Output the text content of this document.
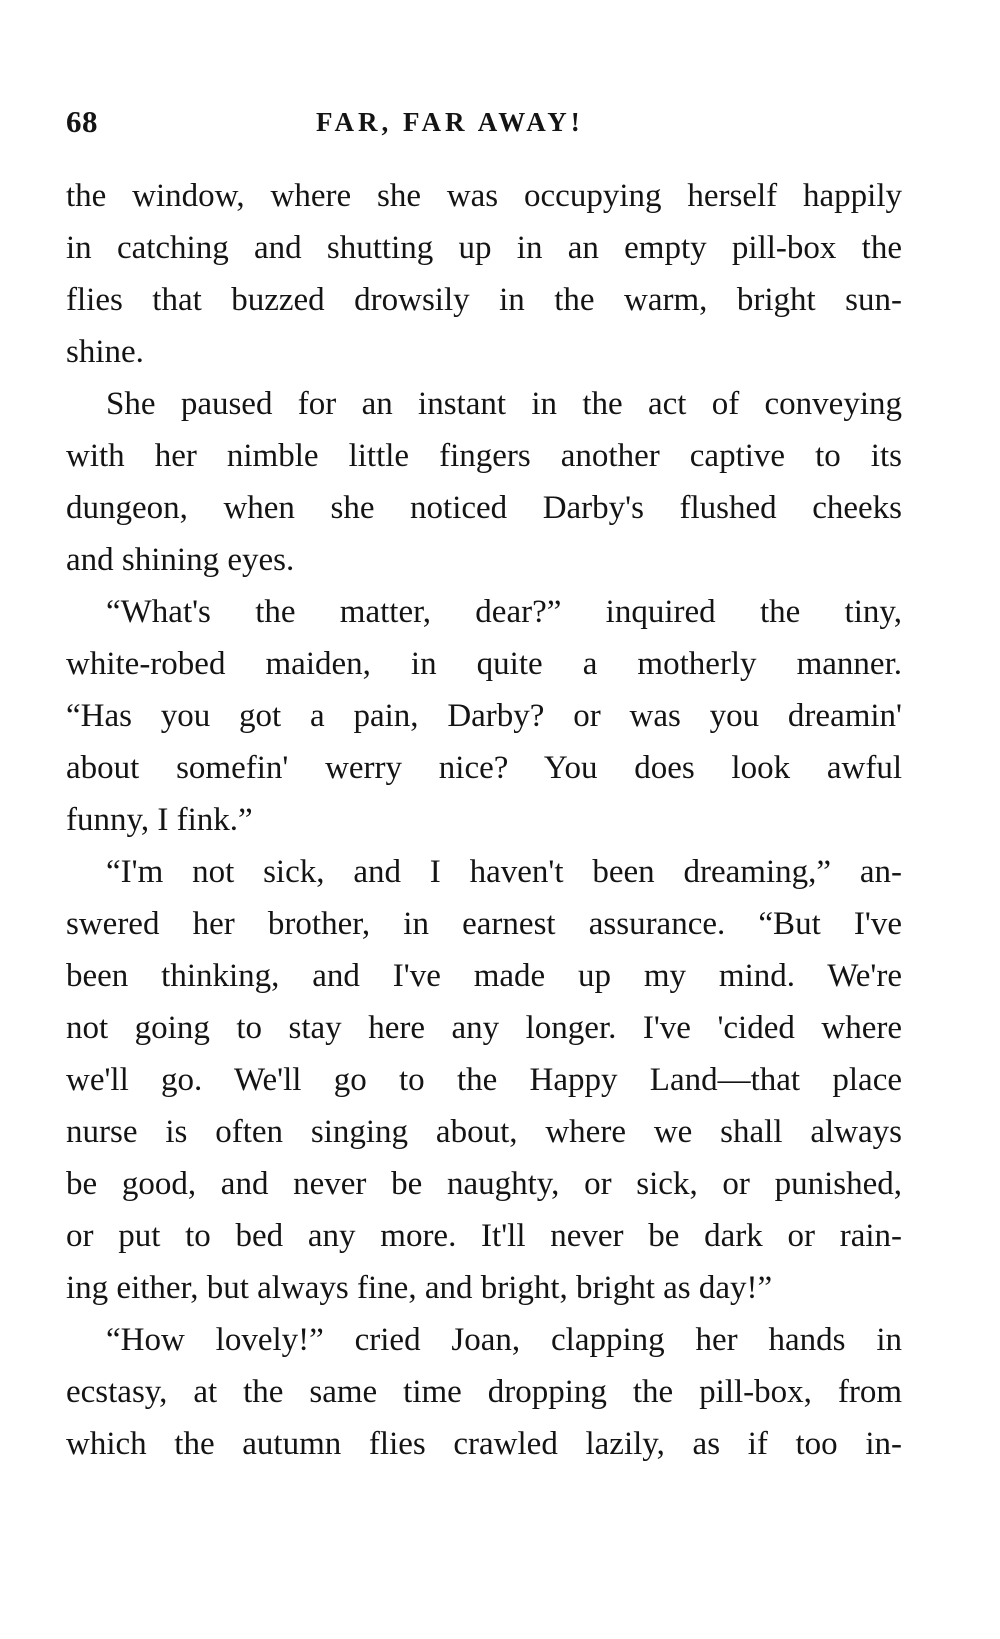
68	FAR, FAR AWAY!
the window, where she was occupying herself happily
in catching and shutting up in an empty pill-box the
flies that buzzed drowsily in the warm, bright sun-
shine.
She paused for an instant in the act of conveying
with her nimble little fingers another captive to its
dungeon, when she noticed Darby's flushed cheeks
and shining eyes.
“What's the matter, dear?” inquired the tiny,
white-robed maiden, in quite a motherly manner.
“Has you got a pain, Darby? or was you dreamin'
about somefin' werry nice? You does look awful
funny, I fink.”
“I'm not sick, and I haven't been dreaming,” an-
swered her brother, in earnest assurance. “But I've
been thinking, and I've made up my mind. We're
not going to stay here any longer. I've 'cided where
we'll go. We'll go to the Happy Land—that place
nurse is often singing about, where we shall always
be good, and never be naughty, or sick, or punished,
or put to bed any more. It'll never be dark or rain-
ing either, but always fine, and bright, bright as day!”
“How lovely!” cried Joan, clapping her hands in
ecstasy, at the same time dropping the pill-box, from
which the autumn flies crawled lazily, as if too in-
